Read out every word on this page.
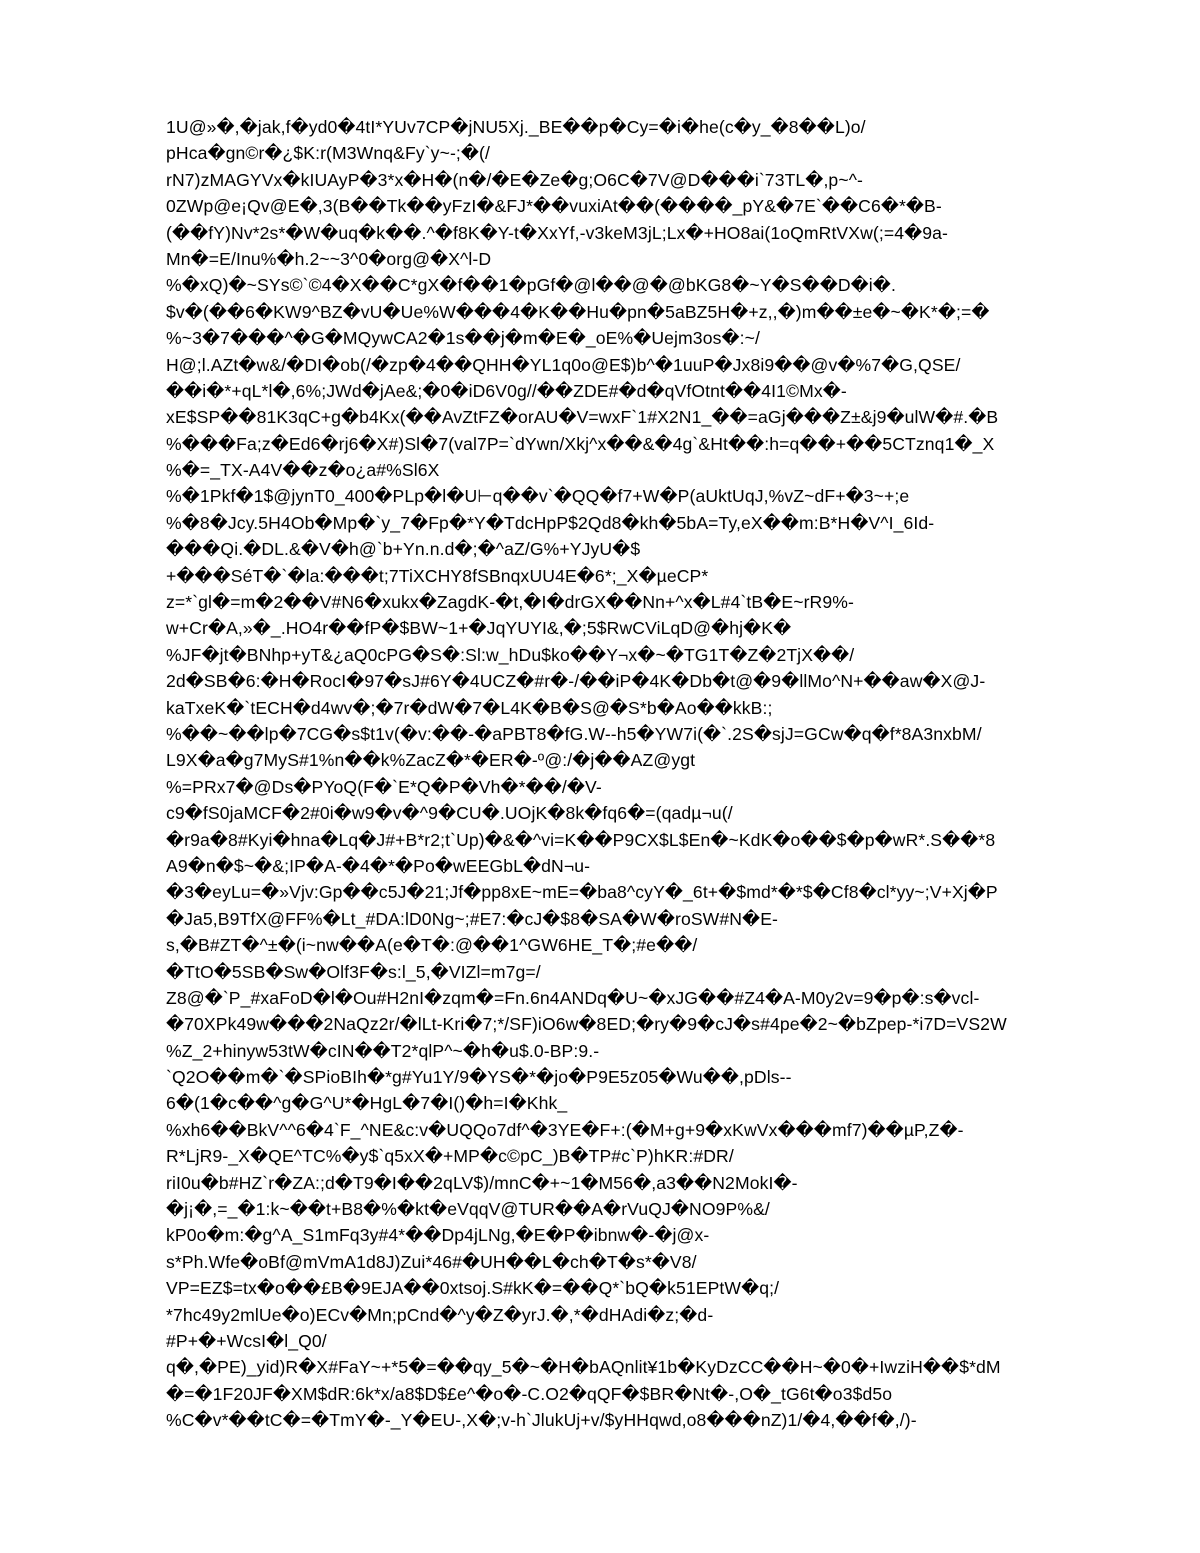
1U@»�,�jak,f�yd0�4tI*YUv7CP�jNU5Xj._BE��p�Cy=�i�he(c�y_�8��L)o/
pHca�gn©r�¿$K:r(M3Wnq&Fy`y~-;�(/
rN7)zMAGYVx�kIUAyP�3*x�H�(n�/�E�Ze�g;O6C�7V@D���i`73TL�,p~^-
0ZWp@e¡Qv@E�,3(B��Tk��yFzI�&FJ*��vuxiAt��(����_pY&�7E`��C6�*�B-
(��fY)Nv*2s*�W�uq�k��.^�f8K�Y-t�XxYf,-v3keM3jL;Lx�+HO8ai(1oQmRtVXw(;=4�9a-
Mn�=E/Inu%�h.2~~3^0�org@�X^l-D
%�xQ)�~SYs©`©4�X��C*gX�f��1�pGf�@l��@�@bKG8�~Y�S��D�i�.
$v�(��6�KW9^BZ�vU�Ue%W���4�K��Hu�pn�5aBZ5H�+z,,�)m��±e�~�K*�;=�
%~3�7���^�G�MQywCA2�1s��j�m�E�_oE%�Uejm3os�:~/
H@;l.AZt�w&/�DI�ob(/�zp�4��QHH�YL1q0o@E$)b^�1uuP�Jx8i9��@v�%7�G,QSE/
��i�*+qL*l�,6%;JWd�jAe&;�0�iD6V0g//��ZDE#�d�qVfOtnt��4I1©Mx�-
xE$SP��81K3qC+g�b4Kx(��AvZtFZ�orAU�V=wxF`1#X2N1_��=aGj���Z±&j9�ulW�#.�B
%���Fa;z�Ed6�rj6�X#)Sl�7(val7P=`dYwn/Xkj^x��&�4g`&Ht��:h=q��+��5CTznq1�_X
%�=_TX-A4V��z�o¿a#%Sl6X
%�1Pkf�1$@jynT0_400�PLp�l�U⊢q��v`�QQ�f7+W�P(aUktUqJ,%vZ~dF+�3~+;e
%�8�Jcy.5H4Ob�Mp�`y_7�Fp�*Y�TdcHpP$2Qd8�kh�5bA=Ty,eX��m:B*H�V^I_6Id-
���Qi.�DL.&�V�h@`b+Yn.n.d�;�^aZ/G%+YJyU�$
+���SéT�`�la:���t;7TiXCHY8fSBnqxUU4E�6*;_X�µeCP*
z=*`gl�=m�2��V#N6�xukx�ZagdK-�t,�I�drGX��Nn+^x�L#4`tB�E~rR9%-
w+Cr�A,»�_.HO4r��fP�$BW~1+�JqYUYI&,�;5$RwCViLqD@�hj�K�
%JF�jt�BNhp+yT&¿aQ0cPG�S�:Sl:w_hDu$ko��Y¬x�~�TG1T�Z�2TjX��/
2d�SB�6:�H�RocI�97�sJ#6Y�4UCZ�#r�-/��iP�4K�Db�t@�9�llMo^N+��aw�X@J-
kaTxeK�`tECH�d4wv�;�7r�dW�7�L4K�B�S@�S*b�Ao��kkB:;
%��~��lp�7CG�s$t1v(�v:��-�aPBT8�fG.W--h5�YW7i(�`.2S�sjJ=GCw�q�f*8A3nxbM/
L9X�a�g7MyS#1%n��k%ZacZ�*�ER�-º@:/�j��AZ@ygt
%=PRx7�@Ds�PYoQ(F�`E*Q�P�Vh�*��/�V-
c9�fS0jaMCF�2#0i�w9�v�^9�CU�.UOjK�8k�fq6�=(qadµ¬u(/
�r9a�8#Kyi�hna�Lq�J#+B*r2;t`Up)�&�^vi=K��P9CX$L$En�~KdK�o��$�p�wR*.S��*8
A9�n�$~�&;IP�A-�4�*�Po�wEEGbL�dN¬u-
�3�eyLu=�»Vjv:Gp��c5J�21;Jf�pp8xE~mE=�ba8^cyY�_6t+�$md*�*$�Cf8�cl*yy~;V+Xj�P
�Ja5,B9TfX@FF%�Lt_#DA:lD0Ng~;#E7:�cJ�$8�SA�W�roSW#N�E-
s,�B#ZT�^±�(i~nw��A(e�T�:@��1^GW6HE_T�;#e��/
�TtO�5SB�Sw�Olf3F�s:l_5,�VIZl=m7g=/
Z8@�`P_#xaFoD�l�Ou#H2nI�zqm�=Fn.6n4ANDq�U~�xJG��#Z4�A-M0y2v=9�p�:s�vcl-
�70XPk49w���2NaQz2r/�lLt-Kri�7;*/SF)iO6w�8ED;�ry�9�cJ�s#4pe�2~�bZpep-*i7D=VS2W
%Z_2+hinyw53tW�cIN��T2*qlP^~�h�u$.0-BP:9.-
`Q2O��m�`�SPioBIh�*g#Yu1Y/9�YS�*�jo�P9E5z05�Wu��,pDls--
6�(1�c��^g�G^U*�HgL�7�I()�h=I�Khk_
%xh6��BkV^^6�4`F_^NE&c:v�UQQo7df^�3YE�F+:(�M+g+9�xKwVx���mf7)��µP,Z�-
R*LjR9-_X�QE^TC%�y$`q5xX�+MP�c©pC_)B�TP#c`P)hKR:#DR/
riI0u�b#HZ`r�ZA:;d�T9�I��2qLV$)/mnC�+~1�M56�,a3��N2MokI�-
�j¡�,=_�1:k~��t+B8�%�kt�eVqqV@TUR��A�rVuQJ�NO9P%&/
kP0o�m:�g^A_S1mFq3y#4*��Dp4jLNg,�E�P�ibnw�-�j@x-
s*Ph.Wfe�oBf@mVmA1d8J)Zui*46#�UH��L�ch�T�s*�V8/
VP=EZ$=tx�o��£B�9EJA��0xtsoj.S#kK�=��Q*`bQ�k51EPtW�q;/
*7hc49y2mlUe�o)ECv�Mn;pCnd�^y�Z�yrJ.�,*�dHAdi�z;�d-
#P+�+WcsI�l_Q0/
q�,�PE)_yid)R�X#FaY~+*5�=��qy_5�~�H�bAQnlit¥1b�KyDzCC��H~�0�+IwziH��$*dM
�=�1F20JF�XM$dR:6k*x/a8$D$£e^�o�-C.O2�qQF�$BR�Nt�-,O�_tG6t�o3$d5o
%C�v*��tC�=�TmY�-_Y�EU-,X�;v-h`JlukUj+v/$yHHqwd,o8���nZ)1/�4,��f�,/)-
